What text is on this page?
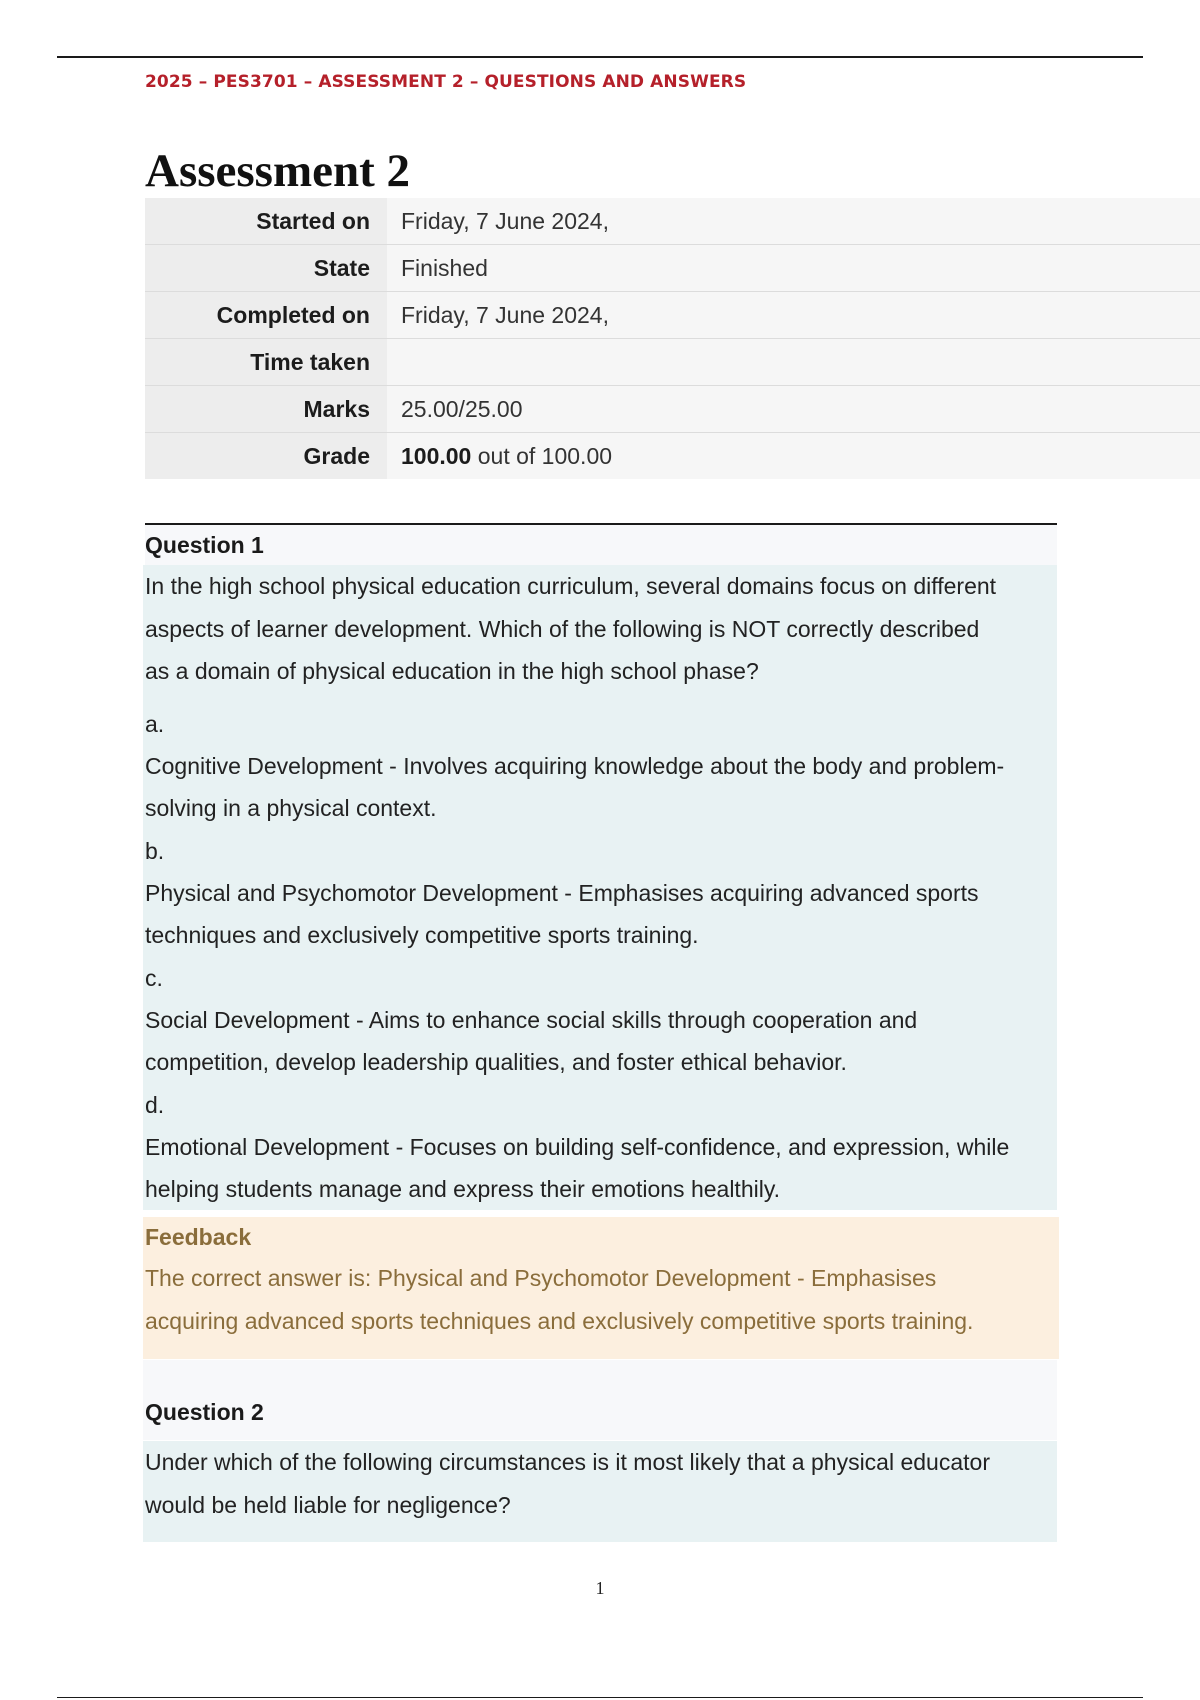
2025 – PES3701 – ASSESSMENT 2 – QUESTIONS AND ANSWERS
Assessment 2
Started on	Friday, 7 June 2024,
State	Finished
Completed on	Friday, 7 June 2024,
Time taken
Marks	25.00/25.00
Grade	100.00 out of 100.00
Question 1
In the high school physical education curriculum, several domains focus on different
aspects of learner development. Which of the following is NOT correctly described
as a domain of physical education in the high school phase?
a.
Cognitive Development - Involves acquiring knowledge about the body and problem-
solving in a physical context.
b.
Physical and Psychomotor Development - Emphasises acquiring advanced sports
techniques and exclusively competitive sports training.
c.
Social Development - Aims to enhance social skills through cooperation and
competition, develop leadership qualities, and foster ethical behavior.
d.
Emotional Development - Focuses on building self-confidence, and expression, while
helping students manage and express their emotions healthily.
Feedback
The correct answer is: Physical and Psychomotor Development - Emphasises
acquiring advanced sports techniques and exclusively competitive sports training.
Question 2
Under which of the following circumstances is it most likely that a physical educator
would be held liable for negligence?
1
